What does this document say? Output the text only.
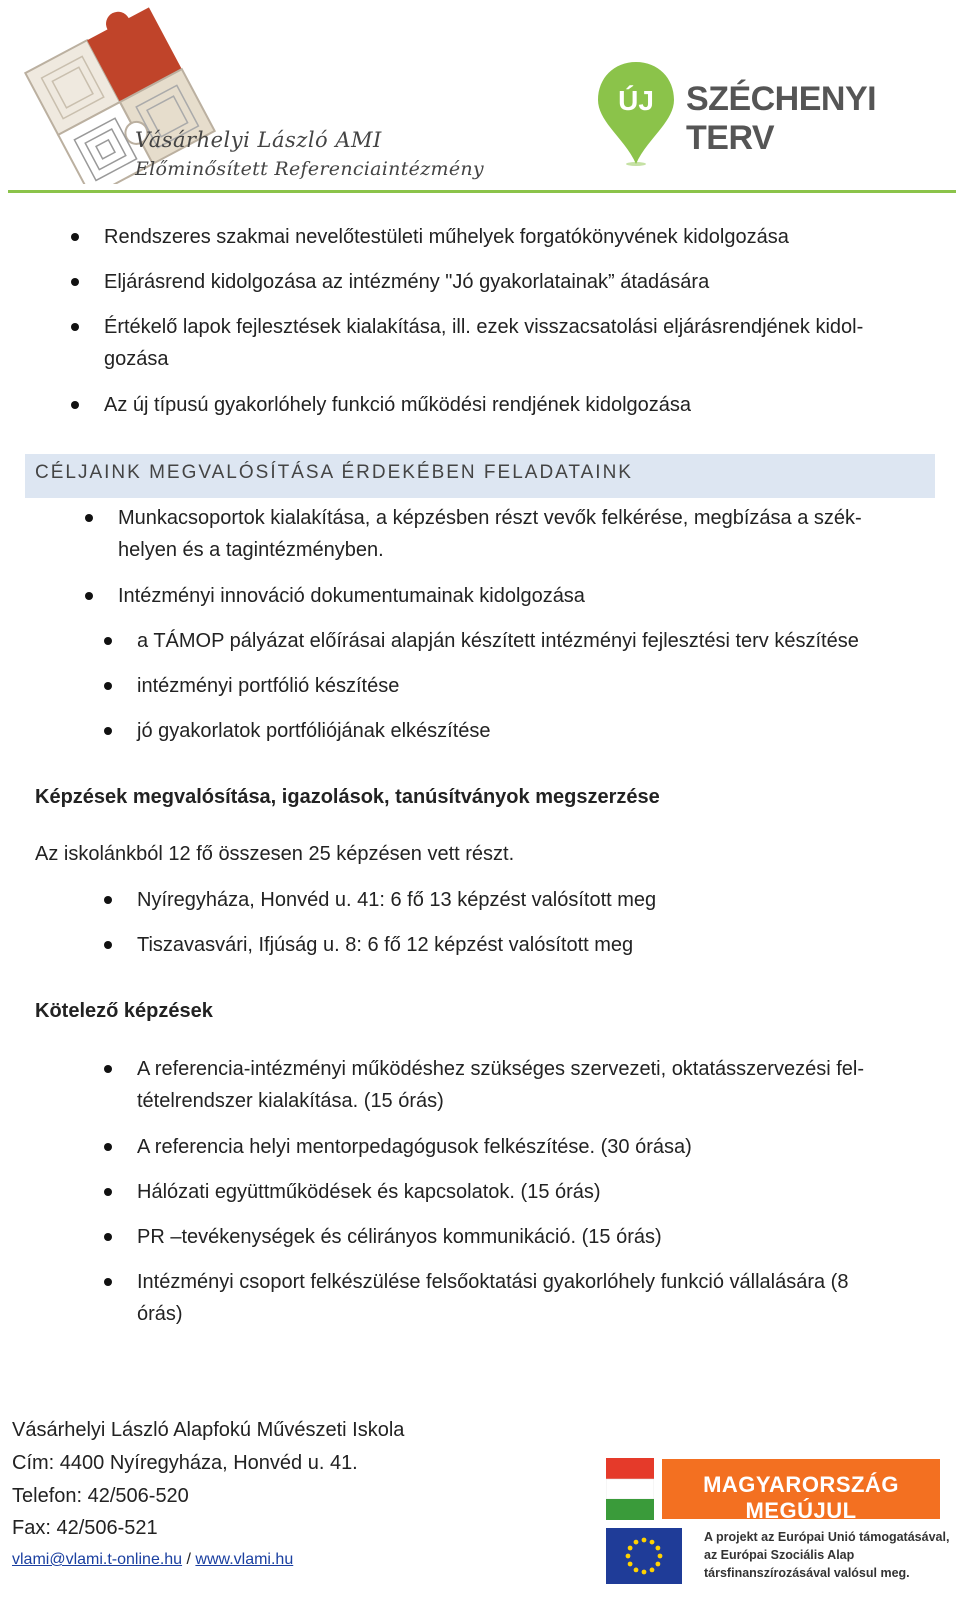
Vásárhelyi László AMI
Előminősített Referenciaintézmény
ÚJ SZÉCHENYI TERV
Rendszeres szakmai nevelőtestületi műhelyek forgatókönyvének kidolgozása
Eljárásrend kidolgozása az intézmény "Jó gyakorlatainak” átadására
Értékelő lapok fejlesztések kialakítása, ill. ezek visszacsatolási eljárásrendjének kidol-
gozása
Az új típusú gyakorlóhely funkció működési rendjének kidolgozása
CÉLJAINK MEGVALÓSÍTÁSA ÉRDEKÉBEN FELADATAINK
Munkacsoportok kialakítása, a képzésben részt vevők felkérése, megbízása a szék-
helyen és a tagintézményben.
Intézményi innováció dokumentumainak kidolgozása
a TÁMOP pályázat előírásai alapján készített intézményi fejlesztési terv készítése
intézményi portfólió készítése
jó gyakorlatok portfóliójának elkészítése
Képzések megvalósítása, igazolások, tanúsítványok megszerzése
Az iskolánkból 12 fő összesen 25 képzésen vett részt.
Nyíregyháza, Honvéd u. 41: 6 fő 13 képzést valósított meg
Tiszavasvári, Ifjúság u. 8: 6 fő 12 képzést valósított meg
Kötelező képzések
A referencia-intézményi működéshez szükséges szervezeti, oktatásszervezési fel-
tételrendszer kialakítása. (15 órás)
A referencia helyi mentorpedagógusok felkészítése. (30 órása)
Hálózati együttműködések és kapcsolatok. (15 órás)
PR –tevékenységek és célirányos kommunikáció. (15 órás)
Intézményi csoport felkészülése felsőoktatási gyakorlóhely funkció vállalására (8
órás)
Vásárhelyi László Alapfokú Művészeti Iskola
Cím: 4400 Nyíregyháza, Honvéd u. 41.
Telefon: 42/506-520
Fax: 42/506-521
vlami@vlami.t-online.hu / www.vlami.hu
MAGYARORSZÁG MEGÚJUL
A projekt az Európai Unió támogatásával,
az Európai Szociális Alap
társfinanszírozásával valósul meg.
